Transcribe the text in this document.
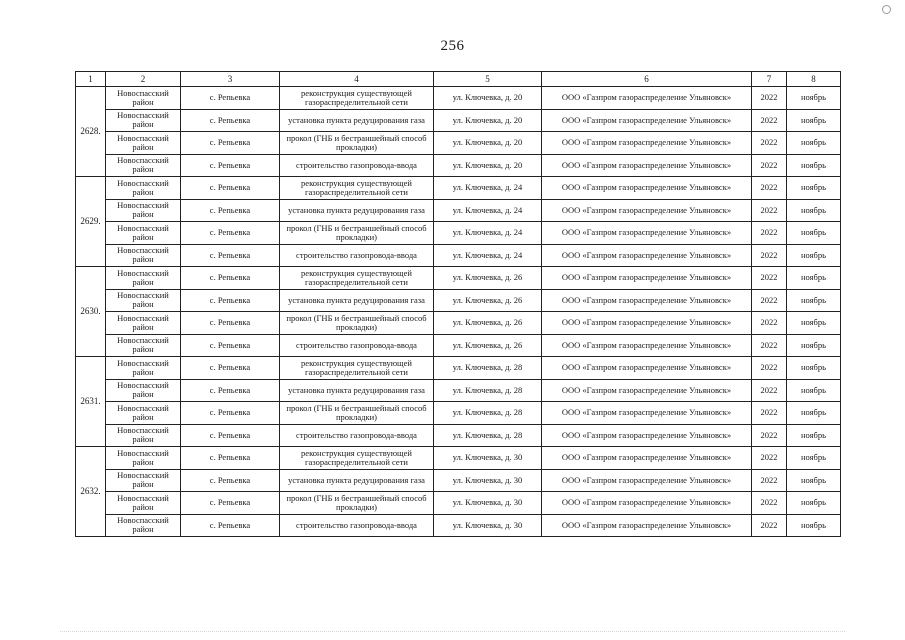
256
1	2	3	4	5	6	7	8
2628.	Новоспасский район	с. Репьевка	реконструкция существующей газораспределительной сети	ул. Ключевка, д. 20	ООО «Газпром газораспределение Ульяновск»	2022	ноябрь
	Новоспасский район	с. Репьевка	установка пункта редуцирования газа	ул. Ключевка, д. 20	ООО «Газпром газораспределение Ульяновск»	2022	ноябрь
	Новоспасский район	с. Репьевка	прокол (ГНБ и бестраншейный способ прокладки)	ул. Ключевка, д. 20	ООО «Газпром газораспределение Ульяновск»	2022	ноябрь
	Новоспасский район	с. Репьевка	строительство газопровода-ввода	ул. Ключевка, д. 20	ООО «Газпром газораспределение Ульяновск»	2022	ноябрь
2629.	Новоспасский район	с. Репьевка	реконструкция существующей газораспределительной сети	ул. Ключевка, д. 24	ООО «Газпром газораспределение Ульяновск»	2022	ноябрь
	Новоспасский район	с. Репьевка	установка пункта редуцирования газа	ул. Ключевка, д. 24	ООО «Газпром газораспределение Ульяновск»	2022	ноябрь
	Новоспасский район	с. Репьевка	прокол (ГНБ и бестраншейный способ прокладки)	ул. Ключевка, д. 24	ООО «Газпром газораспределение Ульяновск»	2022	ноябрь
	Новоспасский район	с. Репьевка	строительство газопровода-ввода	ул. Ключевка, д. 24	ООО «Газпром газораспределение Ульяновск»	2022	ноябрь
2630.	Новоспасский район	с. Репьевка	реконструкция существующей газораспределительной сети	ул. Ключевка, д. 26	ООО «Газпром газораспределение Ульяновск»	2022	ноябрь
	Новоспасский район	с. Репьевка	установка пункта редуцирования газа	ул. Ключевка, д. 26	ООО «Газпром газораспределение Ульяновск»	2022	ноябрь
	Новоспасский район	с. Репьевка	прокол (ГНБ и бестраншейный способ прокладки)	ул. Ключевка, д. 26	ООО «Газпром газораспределение Ульяновск»	2022	ноябрь
	Новоспасский район	с. Репьевка	строительство газопровода-ввода	ул. Ключевка, д. 26	ООО «Газпром газораспределение Ульяновск»	2022	ноябрь
2631.	Новоспасский район	с. Репьевка	реконструкция существующей газораспределительной сети	ул. Ключевка, д. 28	ООО «Газпром газораспределение Ульяновск»	2022	ноябрь
	Новоспасский район	с. Репьевка	установка пункта редуцирования газа	ул. Ключевка, д. 28	ООО «Газпром газораспределение Ульяновск»	2022	ноябрь
	Новоспасский район	с. Репьевка	прокол (ГНБ и бестраншейный способ прокладки)	ул. Ключевка, д. 28	ООО «Газпром газораспределение Ульяновск»	2022	ноябрь
	Новоспасский район	с. Репьевка	строительство газопровода-ввода	ул. Ключевка, д. 28	ООО «Газпром газораспределение Ульяновск»	2022	ноябрь
2632.	Новоспасский район	с. Репьевка	реконструкция существующей газораспределительной сети	ул. Ключевка, д. 30	ООО «Газпром газораспределение Ульяновск»	2022	ноябрь
	Новоспасский район	с. Репьевка	установка пункта редуцирования газа	ул. Ключевка, д. 30	ООО «Газпром газораспределение Ульяновск»	2022	ноябрь
	Новоспасский район	с. Репьевка	прокол (ГНБ и бестраншейный способ прокладки)	ул. Ключевка, д. 30	ООО «Газпром газораспределение Ульяновск»	2022	ноябрь
	Новоспасский район	с. Репьевка	строительство газопровода-ввода	ул. Ключевка, д. 30	ООО «Газпром газораспределение Ульяновск»	2022	ноябрь
